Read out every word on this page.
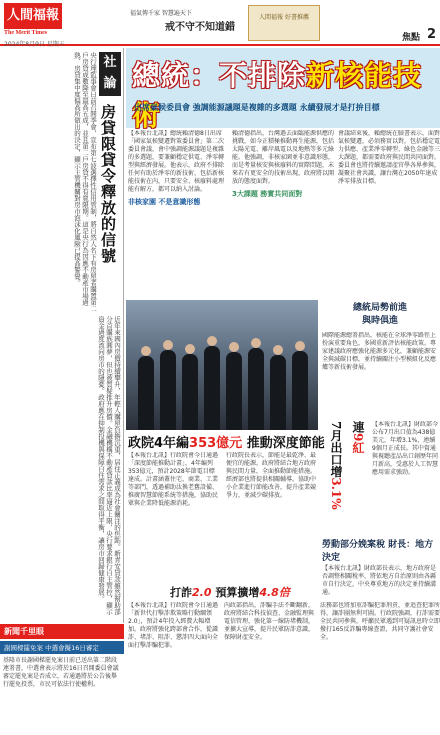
人間福報
The Merit Times
2024年8月9日 星期五
福氣傳千家 智慧遍天下
戒不守不知道錯
人間福報 好書推薦
焦點 2
社論
房貸限貸令釋放的信號
央行理監事會日前召開季會，宣布第七波選擇性信用管制，將自然人名下有房屋者購置第二戶房貸成數降至最高五成，並且第二戶房貸不得有寬限期。這是央行為因應不動產市場過熱、房貸集中度偏高所做出的決定，顯示主管機關對房市泡沫化風險已提高警覺。
近年來國內房價持續攀升，年輕人購屋負擔沉重，居住正義成為社會關注的焦點。新青安貸款雖然幫助部分首購族圓夢，但也被質疑推升房價。金融機構不動產貸款比率逼近上限，央行要求銀行自主管控，顯示資金過度流向房市的隱憂。政府應在抑制投機與保障自住需求之間取得平衡，讓房市回歸健康發展。
總統：不排除新核能技術
出席氣候委員會 強調能源議題是複雜的多選題 永續發展才是打拚目標
【本報台北訊】總統賴清德8日出席「國家氣候變遷對策委員會」第二次委員會議，會中強調能源議題是複雜的多選題，要兼顧穩定供電、淨零轉型與經濟發展。他表示，政府不排除任何有助於淨零的新技術，包括新核能技術在內，只要安全、核廢料處理能有解方，都可以納入討論。
非核家園 不是意識形態
賴清德指出，台灣過去面臨能源供應的挑戰，如今正積極推動再生能源，包括太陽光電、離岸風電以及地熱等多元綠能。他強調，非核家園並非意識形態，而是考量核安與核廢料的實際問題，未來若有更安全的技術出現，政府將以開放的態度面對。
3大課題 務實共同面對
會議結束後，賴總統在臉書表示，面對氣候變遷，必須務實以對，包括穩定電力供應、產業淨零轉型、綠色金融等三大課題，都需要政府與民間共同面對。委員會也將持續邀請產官學各界參與，凝聚社會共識，讓台灣在2050年達成淨零排放目標。
總統局勢前進
與時俱進
國際能源總署指出，核能在全球淨零路徑上扮演重要角色，多國重新評估核能政策。專家建議政府應強化能源多元化，兼顧能源安全與減碳目標，並持續關注小型模組化反應爐等新技術發展。
7月出口增3.1%
連9紅
【本報台北訊】財政部今公布7月出口值為438億美元，年增3.1%，連續9個月正成長。其中資通與視聽產品出口創歷年同月新高，受惠於人工智慧應用需求強勁。
勞動部分娩案稅 財長：地方決定
【本報台北訊】財政部長表示，地方政府是否調整相關稅率，將依地方自治原則由各縣市自行決定，中央尊重地方的決定並持續溝通。
政院4年編353億元 推動深度節能
【本報台北訊】行政院會今日通過「深度節能推動計畫」，4年編列353億元，預計2028年節電目標達成。計畫涵蓋住宅、商業、工業等部門，透過補助汰換老舊設備、推廣智慧節能系統等措施，協助民眾與企業降低能源消耗。
行政院長表示，節能是最乾淨、最便宜的能源，政府將結合地方政府與民間力量，全面推動節能措施。經濟部也將提供相關輔導，協助中小企業進行節能改善，提升產業競爭力，並減少碳排放。
打詐2.0 預算擴增4.8倍
【本報台北訊】行政院會今日通過「新世代打擊詐欺策略行動綱領2.0」，預計4年投入經費大幅增加。政府將強化跨部會合作，從識詐、堵詐、阻詐、懲詐四大面向全面打擊詐騙犯罪。
內政部指出，詐騙手法不斷翻新，政府將結合科技偵查、金融監理與電信管理，強化第一線防堵機制，並擴大宣導，提升民眾防詐意識，保障財產安全。
法務部也將加重詐騙犯罪刑責，並追查犯罪所得，讓詐團無利可圖。行政院強調，打詐需要全民共同參與，呼籲民眾遇到可疑訊息時立即撥打165反詐騙專線查證，共同守護社會安全。
新聞千里眼
謝國樑罷免案 中選會擬16日審定
基隆市長謝國樑罷免案日前已送出第二階段連署書，中選會表示將於16日召開委員會議審定罷免案是否成立，若通過將於公告後舉行罷免投票，市民可依法行使權利。
